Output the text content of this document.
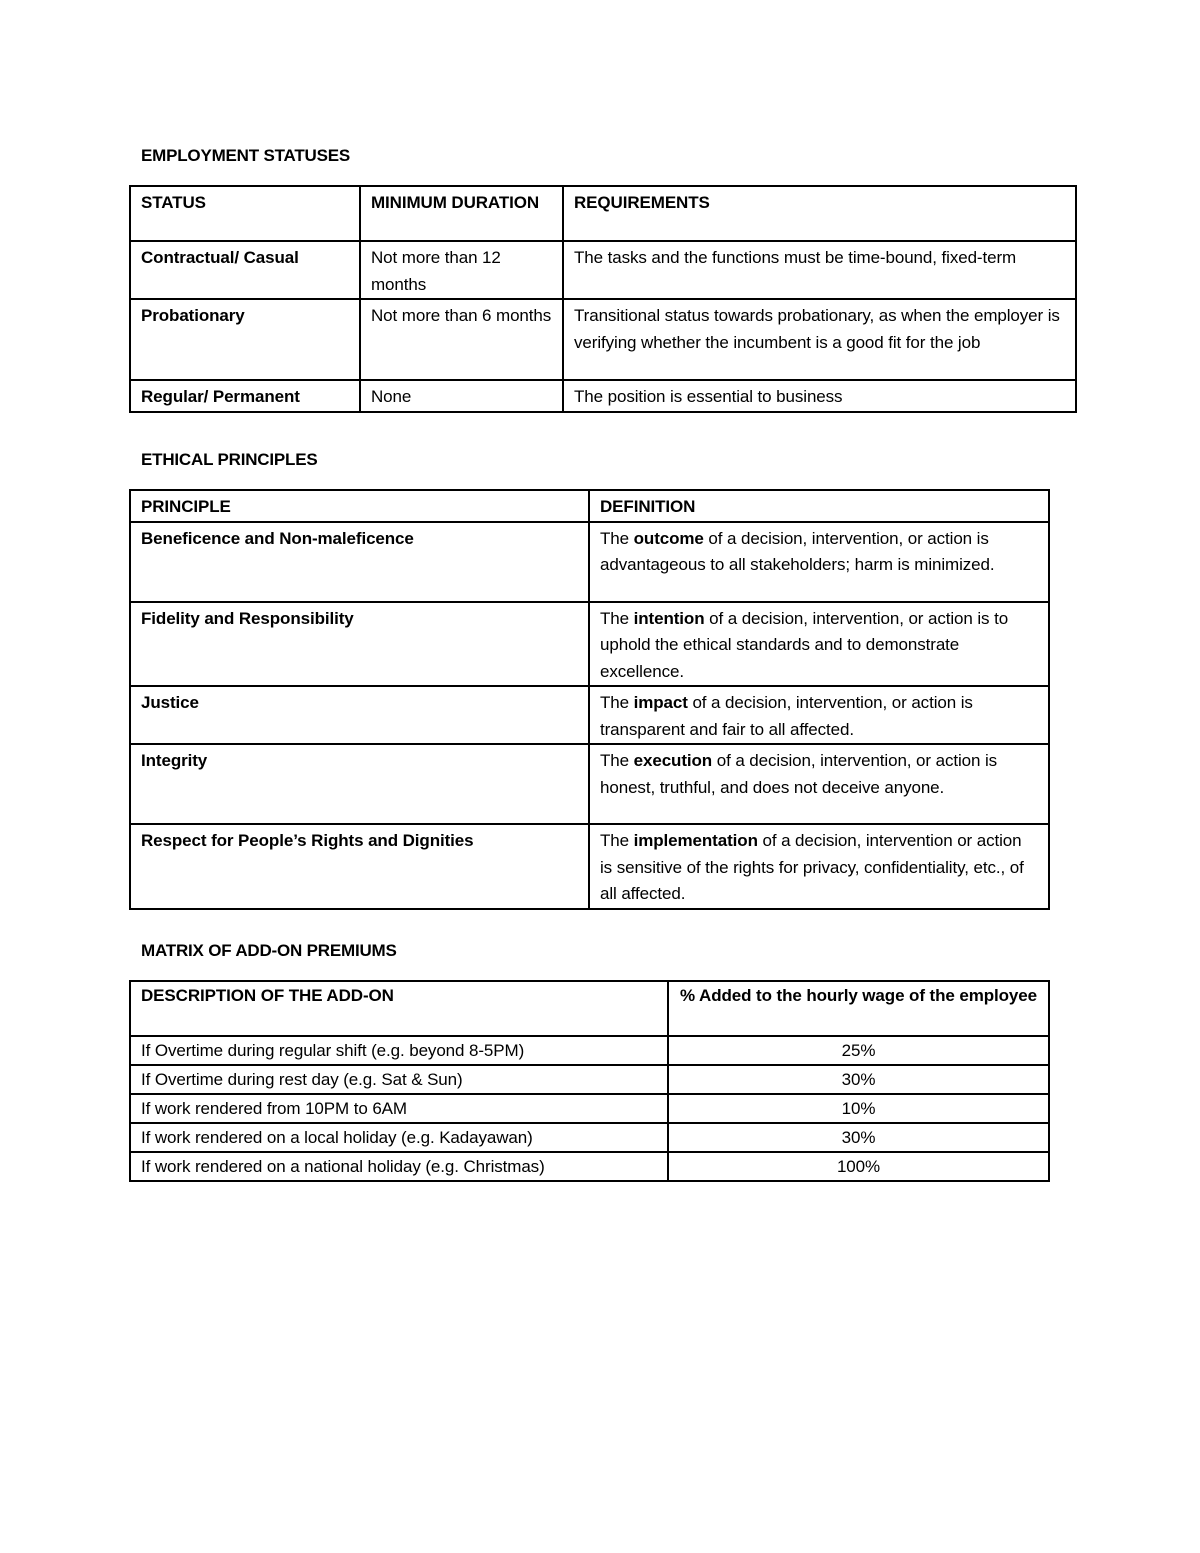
EMPLOYMENT STATUSES
STATUS	MINIMUM DURATION	REQUIREMENTS
Contractual/ Casual	Not more than 12 months	The tasks and the functions must be time-bound, fixed-term
Probationary	Not more than 6 months	Transitional status towards probationary, as when the employer is verifying whether the incumbent is a good fit for the job
Regular/ Permanent	None	The position is essential to business
ETHICAL PRINCIPLES
PRINCIPLE	DEFINITION
Beneficence and Non-maleficence	The outcome of a decision, intervention, or action is advantageous to all stakeholders; harm is minimized.
Fidelity and Responsibility	The intention of a decision, intervention, or action is to uphold the ethical standards and to demonstrate excellence.
Justice	The impact of a decision, intervention, or action is transparent and fair to all affected.
Integrity	The execution of a decision, intervention, or action is honest, truthful, and does not deceive anyone.
Respect for People’s Rights and Dignities	The implementation of a decision, intervention or action is sensitive of the rights for privacy, confidentiality, etc., of all affected.
MATRIX OF ADD-ON PREMIUMS
DESCRIPTION OF THE ADD-ON	% Added to the hourly wage of the employee
If Overtime during regular shift (e.g. beyond 8-5PM)	25%
If Overtime during rest day (e.g. Sat & Sun)	30%
If work rendered from 10PM to 6AM	10%
If work rendered on a local holiday (e.g. Kadayawan)	30%
If work rendered on a national holiday (e.g. Christmas)	100%
